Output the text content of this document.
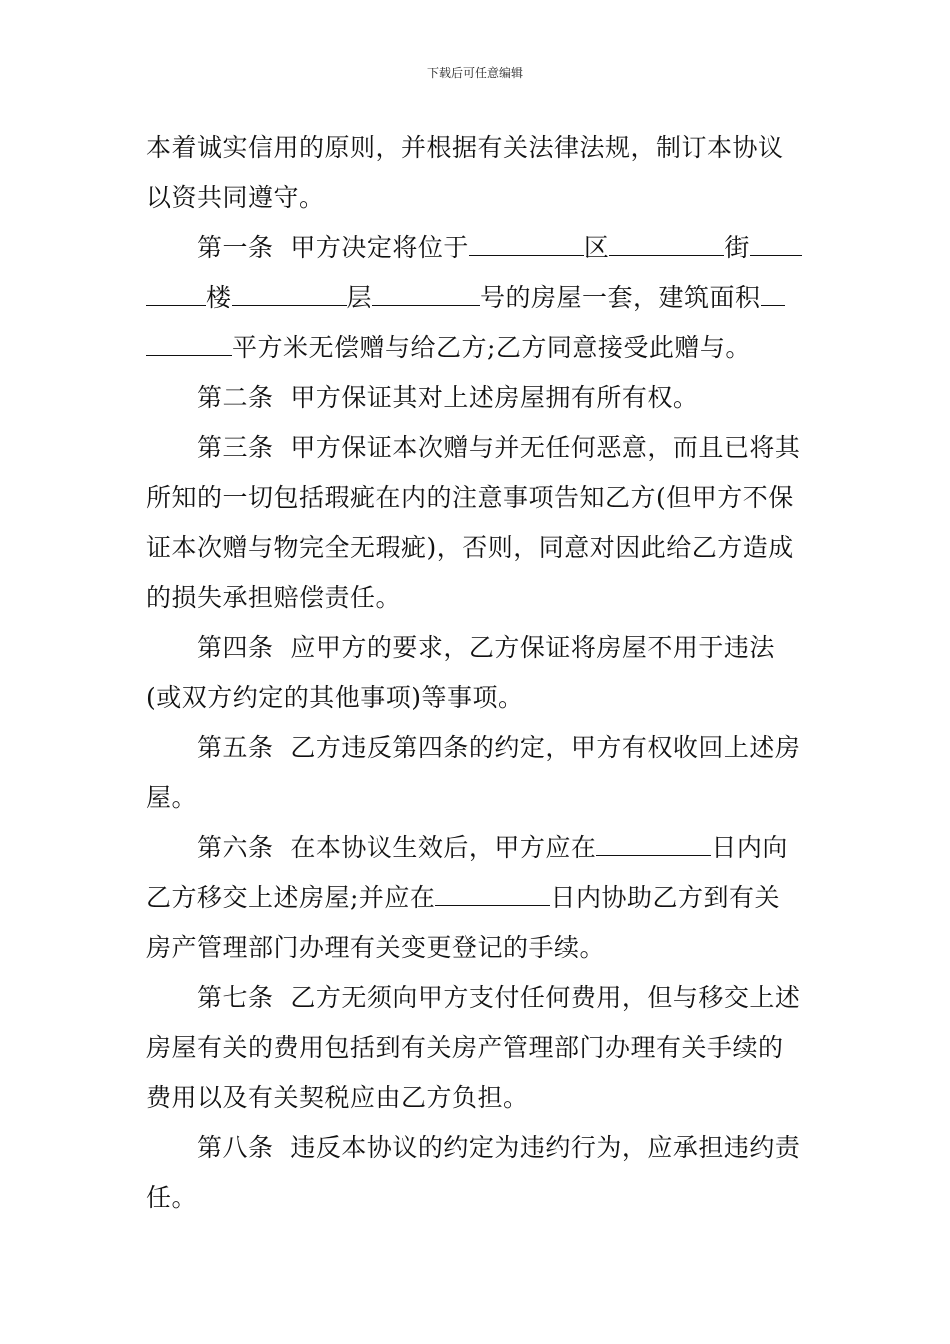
下载后可任意编辑
本着诚实信用的原则，并根据有关法律法规，制订本协议
以资共同遵守。
　　第一条  甲方决定将位于	区	街
楼	层	号的房屋一套，建筑面积
平方米无偿赠与给乙方;乙方同意接受此赠与。
　　第二条  甲方保证其对上述房屋拥有所有权。
　　第三条  甲方保证本次赠与并无任何恶意，而且已将其
所知的一切包括瑕疵在内的注意事项告知乙方(但甲方不保
证本次赠与物完全无瑕疵)，否则，同意对因此给乙方造成
的损失承担赔偿责任。
　　第四条  应甲方的要求，乙方保证将房屋不用于违法
(或双方约定的其他事项)等事项。
　　第五条  乙方违反第四条的约定，甲方有权收回上述房
屋。
　　第六条  在本协议生效后，甲方应在	日内向
乙方移交上述房屋;并应在	日内协助乙方到有关
房产管理部门办理有关变更登记的手续。
　　第七条  乙方无须向甲方支付任何费用，但与移交上述
房屋有关的费用包括到有关房产管理部门办理有关手续的
费用以及有关契税应由乙方负担。
　　第八条  违反本协议的约定为违约行为，应承担违约责
任。
